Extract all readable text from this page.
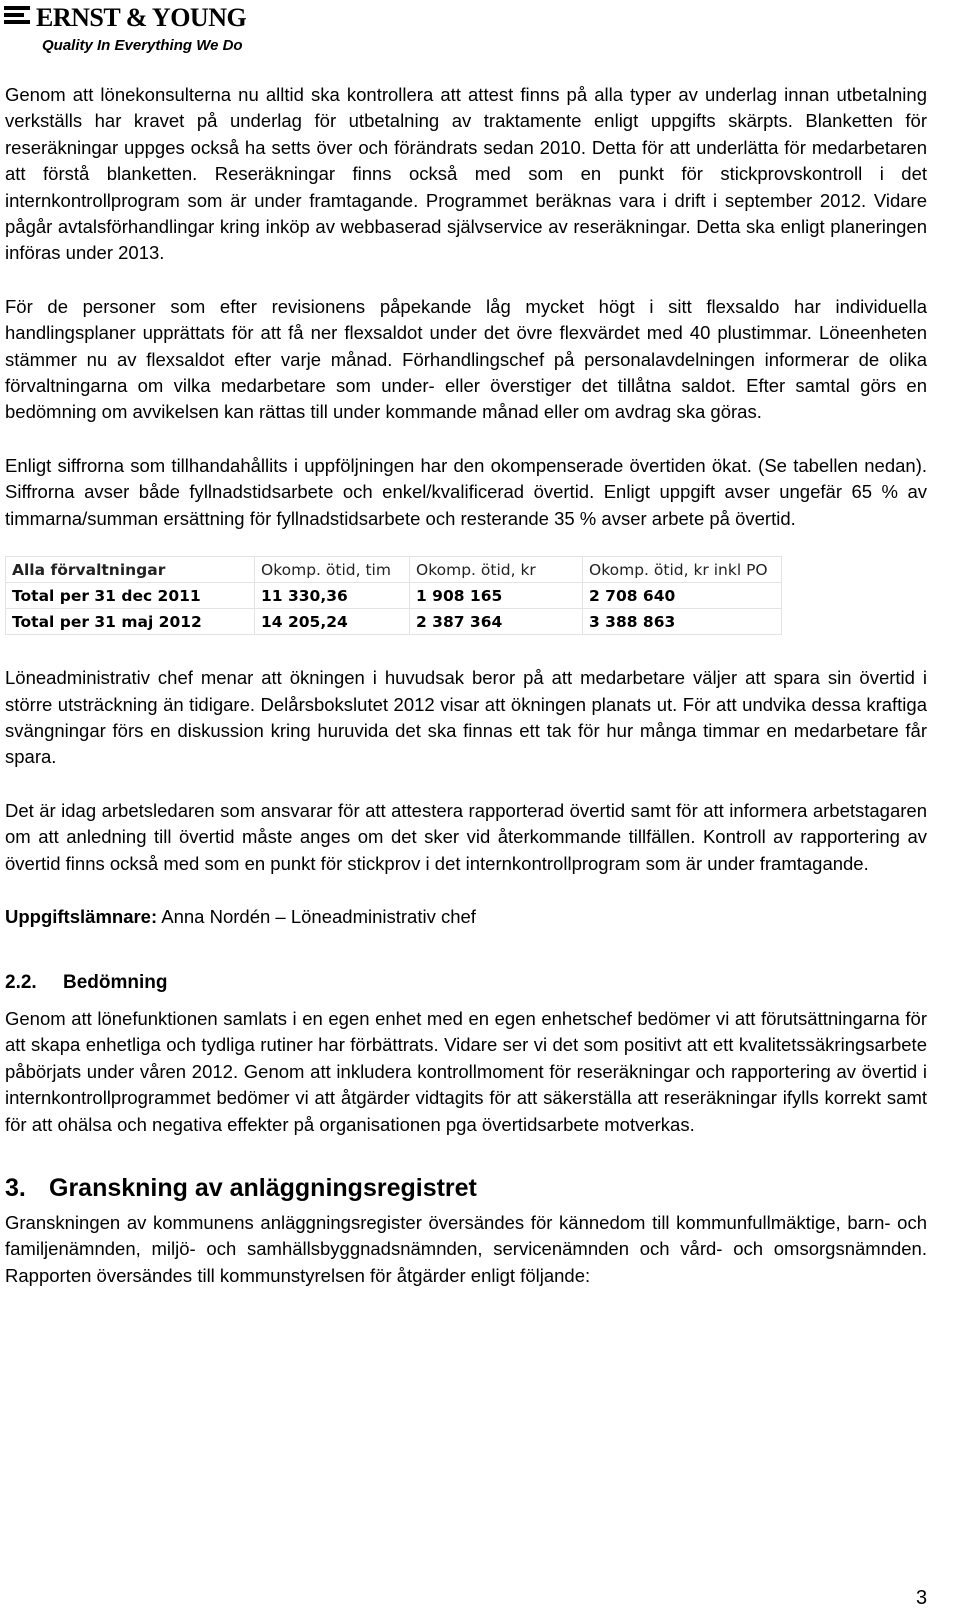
ERNST & YOUNG
Quality In Everything We Do

Genom att lönekonsulterna nu alltid ska kontrollera att attest finns på alla typer av underlag innan utbetalning verkställs har kravet på underlag för utbetalning av traktamente enligt uppgifts skärpts. Blanketten för reseräkningar uppges också ha setts över och förändrats sedan 2010. Detta för att underlätta för medarbetaren att förstå blanketten. Reseräkningar finns också med som en punkt för stickprovskontroll i det internkontrollprogram som är under framtagande. Programmet beräknas vara i drift i september 2012. Vidare pågår avtalsförhandlingar kring inköp av webbaserad självservice av reseräkningar. Detta ska enligt planeringen införas under 2013.

För de personer som efter revisionens påpekande låg mycket högt i sitt flexsaldo har individuella handlingsplaner upprättats för att få ner flexsaldot under det övre flexvärdet med 40 plustimmar. Löneenheten stämmer nu av flexsaldot efter varje månad. Förhandlingschef på personalavdelningen informerar de olika förvaltningarna om vilka medarbetare som under- eller överstiger det tillåtna saldot. Efter samtal görs en bedömning om avvikelsen kan rättas till under kommande månad eller om avdrag ska göras.

Enligt siffrorna som tillhandahållits i uppföljningen har den okompenserade övertiden ökat. (Se tabellen nedan). Siffrorna avser både fyllnadstidsarbete och enkel/kvalificerad övertid. Enligt uppgift avser ungefär 65 % av timmarna/summan ersättning för fyllnadstidsarbete och resterande 35 % avser arbete på övertid.

Alla förvaltningar	Okomp. ötid, tim	Okomp. ötid, kr	Okomp. ötid, kr inkl PO
Total per 31 dec 2011	11 330,36	1 908 165	2 708 640
Total per 31 maj 2012	14 205,24	2 387 364	3 388 863

Löneadministrativ chef menar att ökningen i huvudsak beror på att medarbetare väljer att spara sin övertid i större utsträckning än tidigare. Delårsbokslutet 2012 visar att ökningen planats ut. För att undvika dessa kraftiga svängningar förs en diskussion kring huruvida det ska finnas ett tak för hur många timmar en medarbetare får spara.

Det är idag arbetsledaren som ansvarar för att attestera rapporterad övertid samt för att informera arbetstagaren om att anledning till övertid måste anges om det sker vid återkommande tillfällen. Kontroll av rapportering av övertid finns också med som en punkt för stickprov i det internkontrollprogram som är under framtagande.

Uppgiftslämnare: Anna Nordén – Löneadministrativ chef
2.2. Bedömning

Genom att lönefunktionen samlats i en egen enhet med en egen enhetschef bedömer vi att förutsättningarna för att skapa enhetliga och tydliga rutiner har förbättrats. Vidare ser vi det som positivt att ett kvalitetssäkringsarbete påbörjats under våren 2012. Genom att inkludera kontrollmoment för reseräkningar och rapportering av övertid i internkontrollprogrammet bedömer vi att åtgärder vidtagits för att säkerställa att reseräkningar ifylls korrekt samt för att ohälsa och negativa effekter på organisationen pga övertidsarbete motverkas.

3. Granskning av anläggningsregistret

Granskningen av kommunens anläggningsregister översändes för kännedom till kommunfullmäktige, barn- och familjenämnden, miljö- och samhällsbyggnadsnämnden, servicenämnden och vård- och omsorgsnämnden. Rapporten översändes till kommunstyrelsen för åtgärder enligt följande:

3
